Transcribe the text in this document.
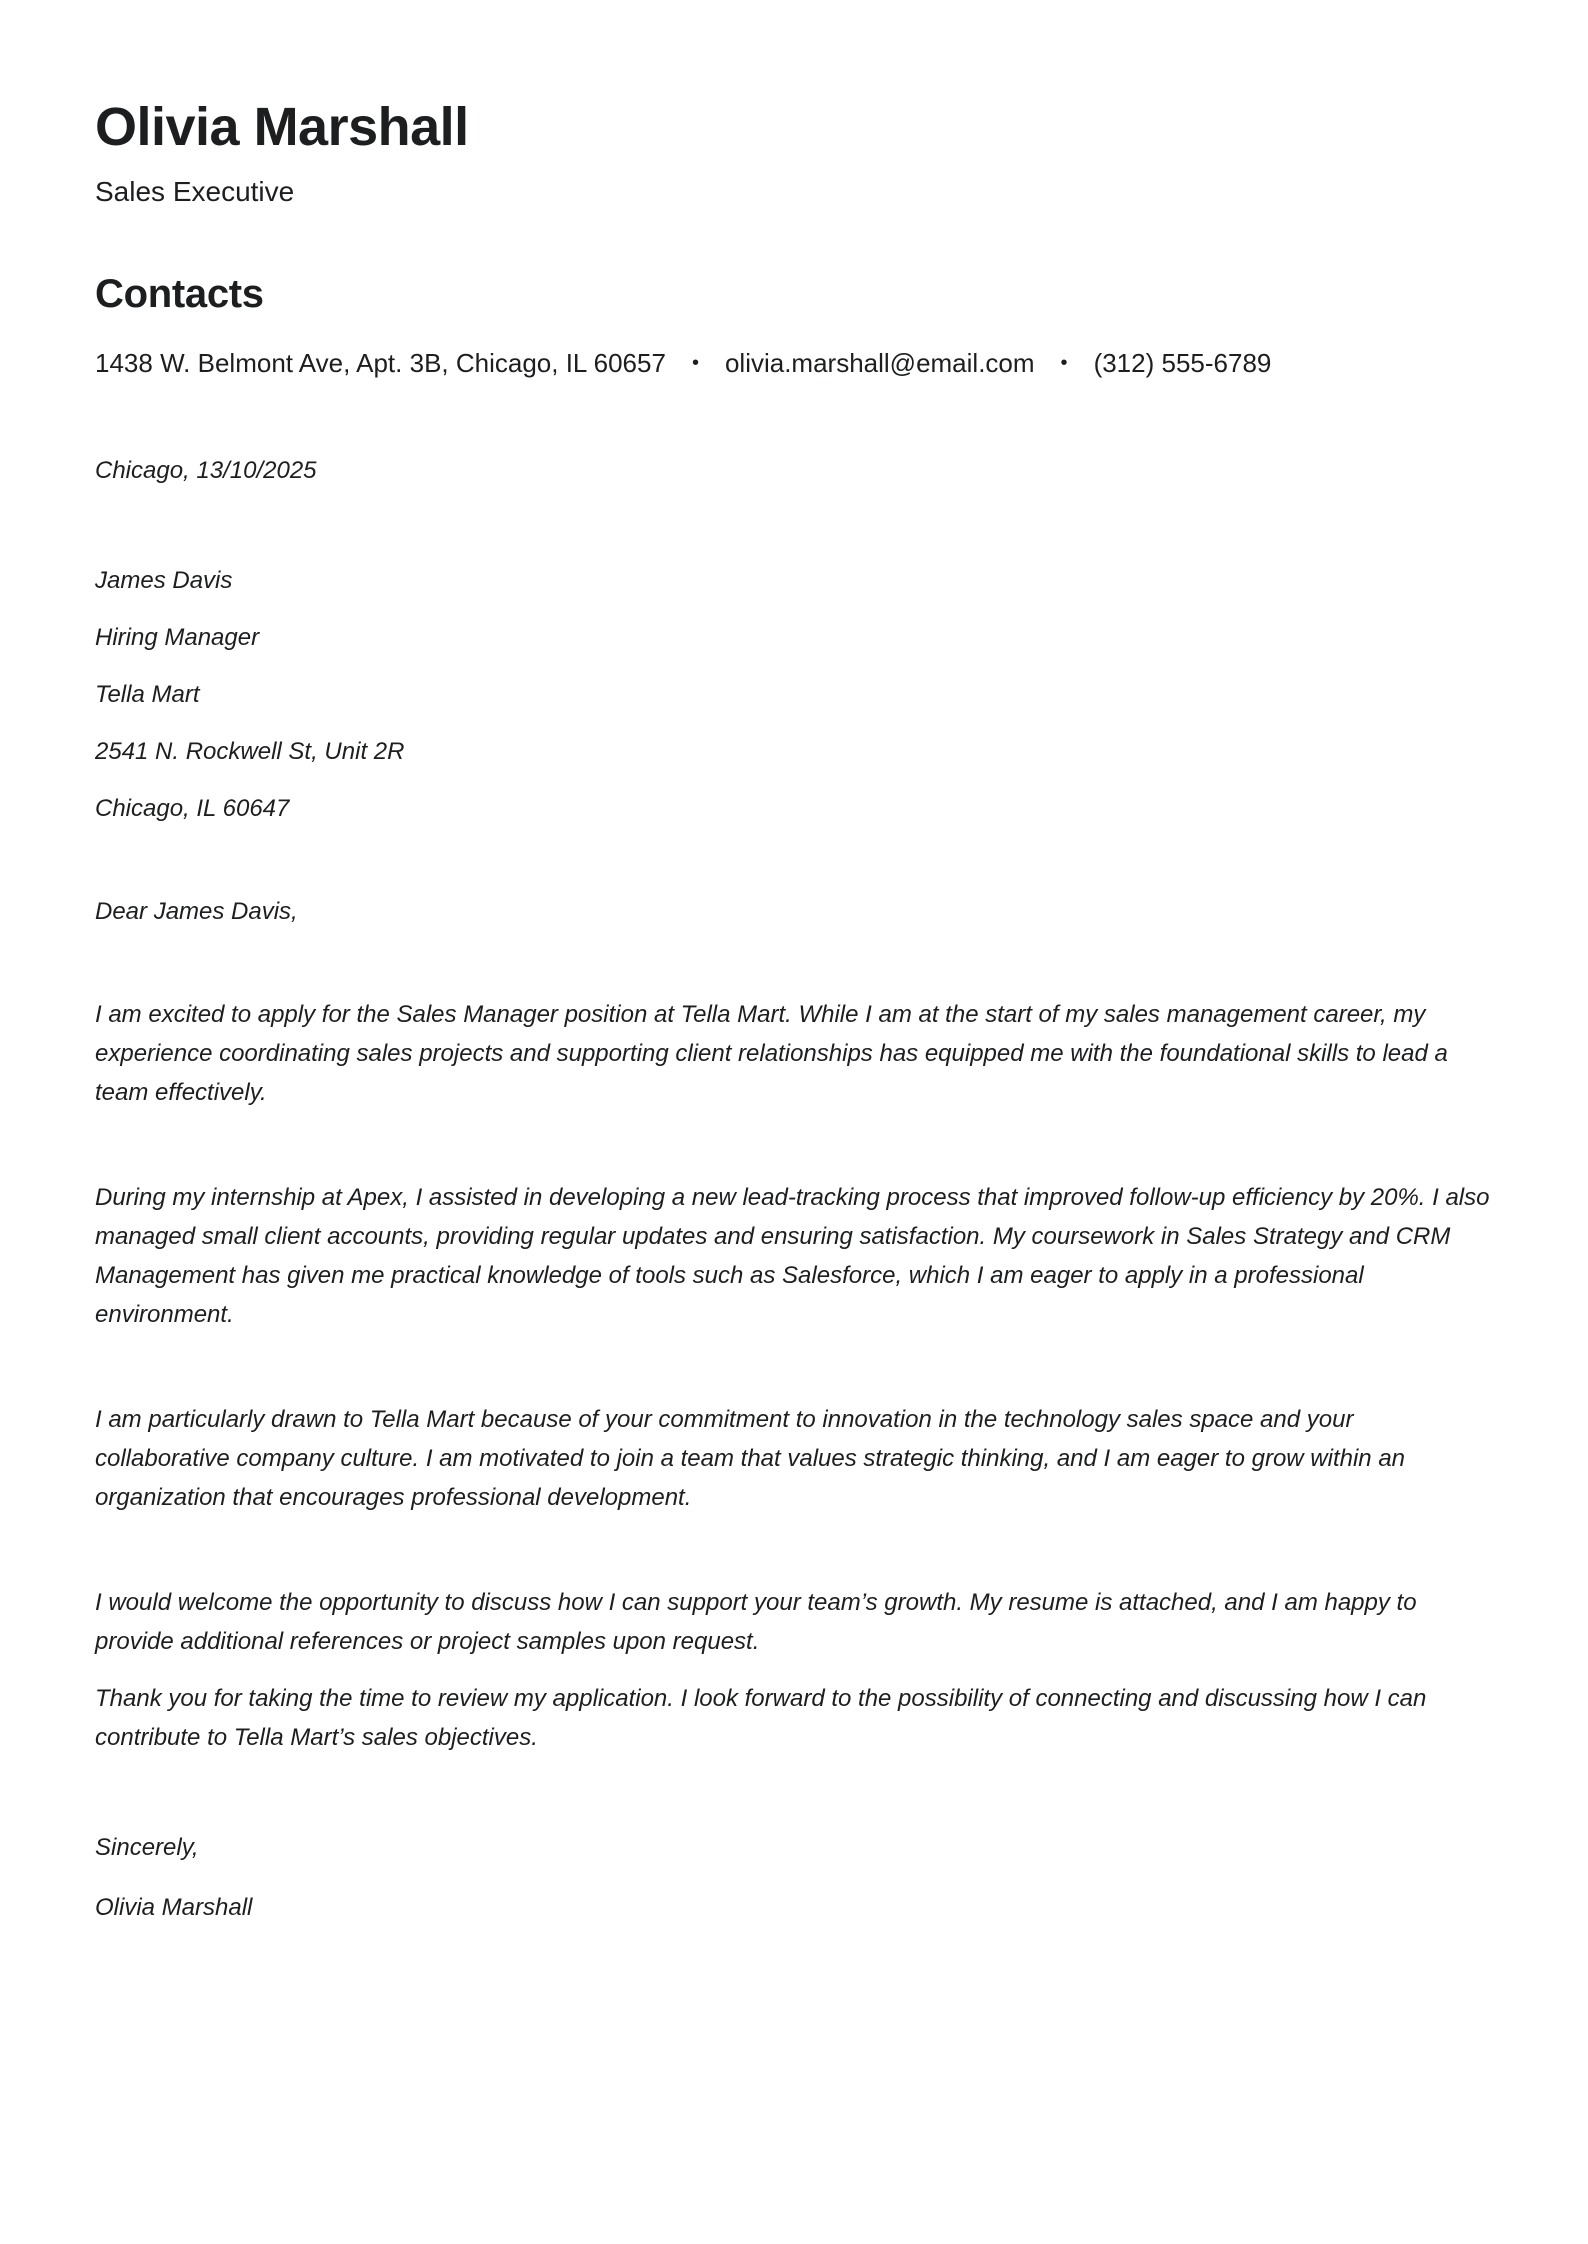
Olivia Marshall
Sales Executive
Contacts
1438 W. Belmont Ave, Apt. 3B, Chicago, IL 60657	•	olivia.marshall@email.com	•	(312) 555-6789
Chicago, 13/10/2025

James Davis

Hiring Manager

Tella Mart

2541 N. Rockwell St, Unit 2R

Chicago, IL 60647

Dear James Davis,

I am excited to apply for the Sales Manager position at Tella Mart. While I am at the start of my sales management career, my experience coordinating sales projects and supporting client relationships has equipped me with the foundational skills to lead a team effectively.

During my internship at Apex, I assisted in developing a new lead-tracking process that improved follow-up efficiency by 20%. I also managed small client accounts, providing regular updates and ensuring satisfaction. My coursework in Sales Strategy and CRM Management has given me practical knowledge of tools such as Salesforce, which I am eager to apply in a professional environment.

I am particularly drawn to Tella Mart because of your commitment to innovation in the technology sales space and your collaborative company culture. I am motivated to join a team that values strategic thinking, and I am eager to grow within an organization that encourages professional development.

I would welcome the opportunity to discuss how I can support your team’s growth. My resume is attached, and I am happy to provide additional references or project samples upon request.

Thank you for taking the time to review my application. I look forward to the possibility of connecting and discussing how I can contribute to Tella Mart’s sales objectives.

Sincerely,
Olivia Marshall
